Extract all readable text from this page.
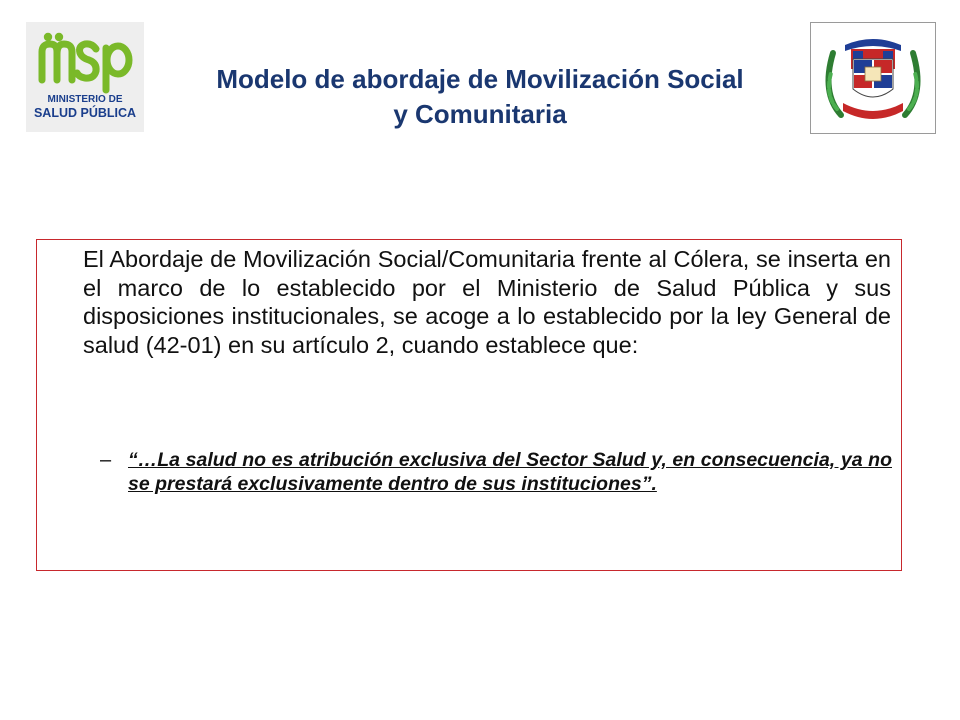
MINISTERIO DE
SALUD PÚBLICA
Modelo de abordaje de Movilización Social
y Comunitaria

El Abordaje de Movilización Social/Comunitaria frente al Cólera, se inserta en el marco de lo establecido por el Ministerio de Salud Pública y sus disposiciones institucionales, se acoge a lo establecido por la ley General de salud (42-01) en su artículo 2, cuando establece que:

– “…La salud no es atribución exclusiva del Sector Salud y, en consecuencia, ya no se prestará exclusivamente dentro de sus instituciones”.
